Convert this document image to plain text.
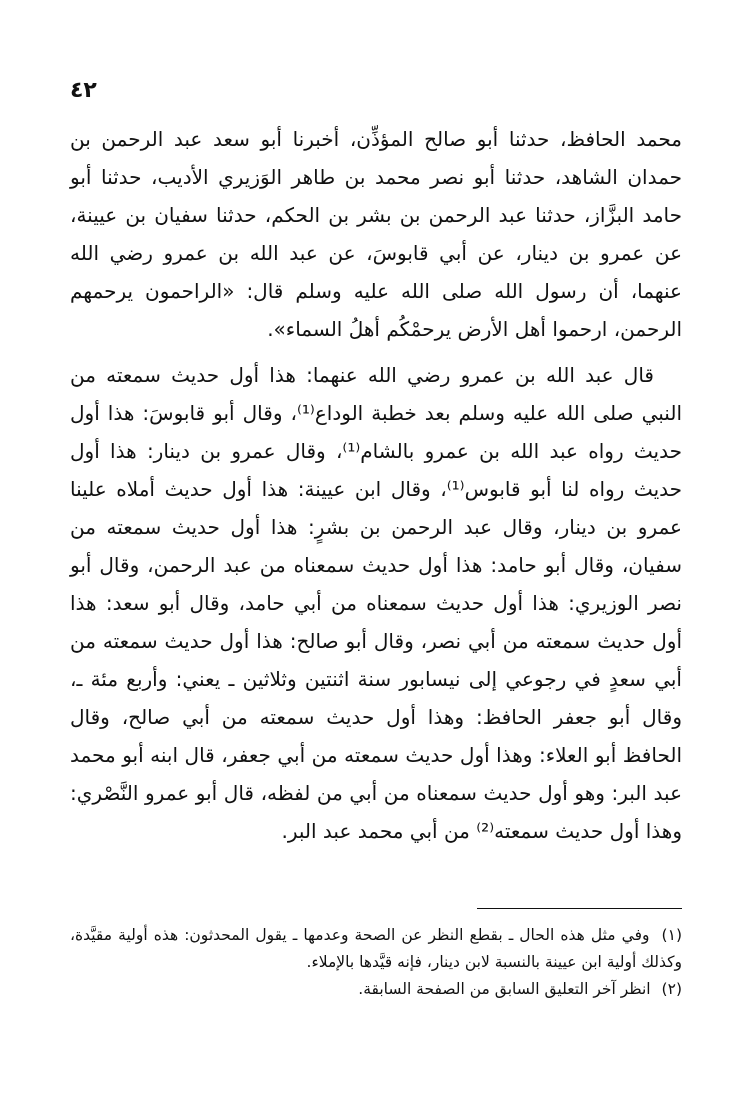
٤٢

محمد الحافظ، حدثنا أبو صالح المؤذِّن، أخبرنا أبو سعد عبد الرحمن بن حمدان الشاهد، حدثنا أبو نصر محمد بن طاهر الوَزيري الأديب، حدثنا أبو حامد البزَّاز، حدثنا عبد الرحمن بن بشر بن الحكم، حدثنا سفيان بن عيينة، عن عمرو بن دينار، عن أبي قابوسَ، عن عبد الله بن عمرو رضي الله عنهما، أن رسول الله صلى الله عليه وسلم قال: «الراحمون يرحمهم الرحمن، ارحموا أهل الأرض يرحمْكُم أهلُ السماء».

قال عبد الله بن عمرو رضي الله عنهما: هذا أول حديث سمعته من النبي صلى الله عليه وسلم بعد خطبة الوداع⁽¹⁾، وقال أبو قابوسَ: هذا أول حديث رواه عبد الله بن عمرو بالشام⁽¹⁾، وقال عمرو بن دينار: هذا أول حديث رواه لنا أبو قابوس⁽¹⁾، وقال ابن عيينة: هذا أول حديث أملاه علينا عمرو بن دينار، وقال عبد الرحمن بن بشرٍ: هذا أول حديث سمعته من سفيان، وقال أبو حامد: هذا أول حديث سمعناه من عبد الرحمن، وقال أبو نصر الوزيري: هذا أول حديث سمعناه من أبي حامد، وقال أبو سعد: هذا أول حديث سمعته من أبي نصر، وقال أبو صالح: هذا أول حديث سمعته من أبي سعدٍ في رجوعي إلى نيسابور سنة اثنتين وثلاثين ـ يعني: وأربع مئة ـ، وقال أبو جعفر الحافظ: وهذا أول حديث سمعته من أبي صالح، وقال الحافظ أبو العلاء: وهذا أول حديث سمعته من أبي جعفر، قال ابنه أبو محمد عبد البر: وهو أول حديث سمعناه من أبي من لفظه، قال أبو عمرو النَّصْري: وهذا أول حديث سمعته⁽²⁾ من أبي محمد عبد البر.

(١) وفي مثل هذه الحال ـ بقطع النظر عن الصحة وعدمها ـ يقول المحدثون: هذه أولية مقيَّدة، وكذلك أولية ابن عيينة بالنسبة لابن دينار، فإنه قيَّدها بالإملاء.

(٢) انظر آخر التعليق السابق من الصفحة السابقة.
